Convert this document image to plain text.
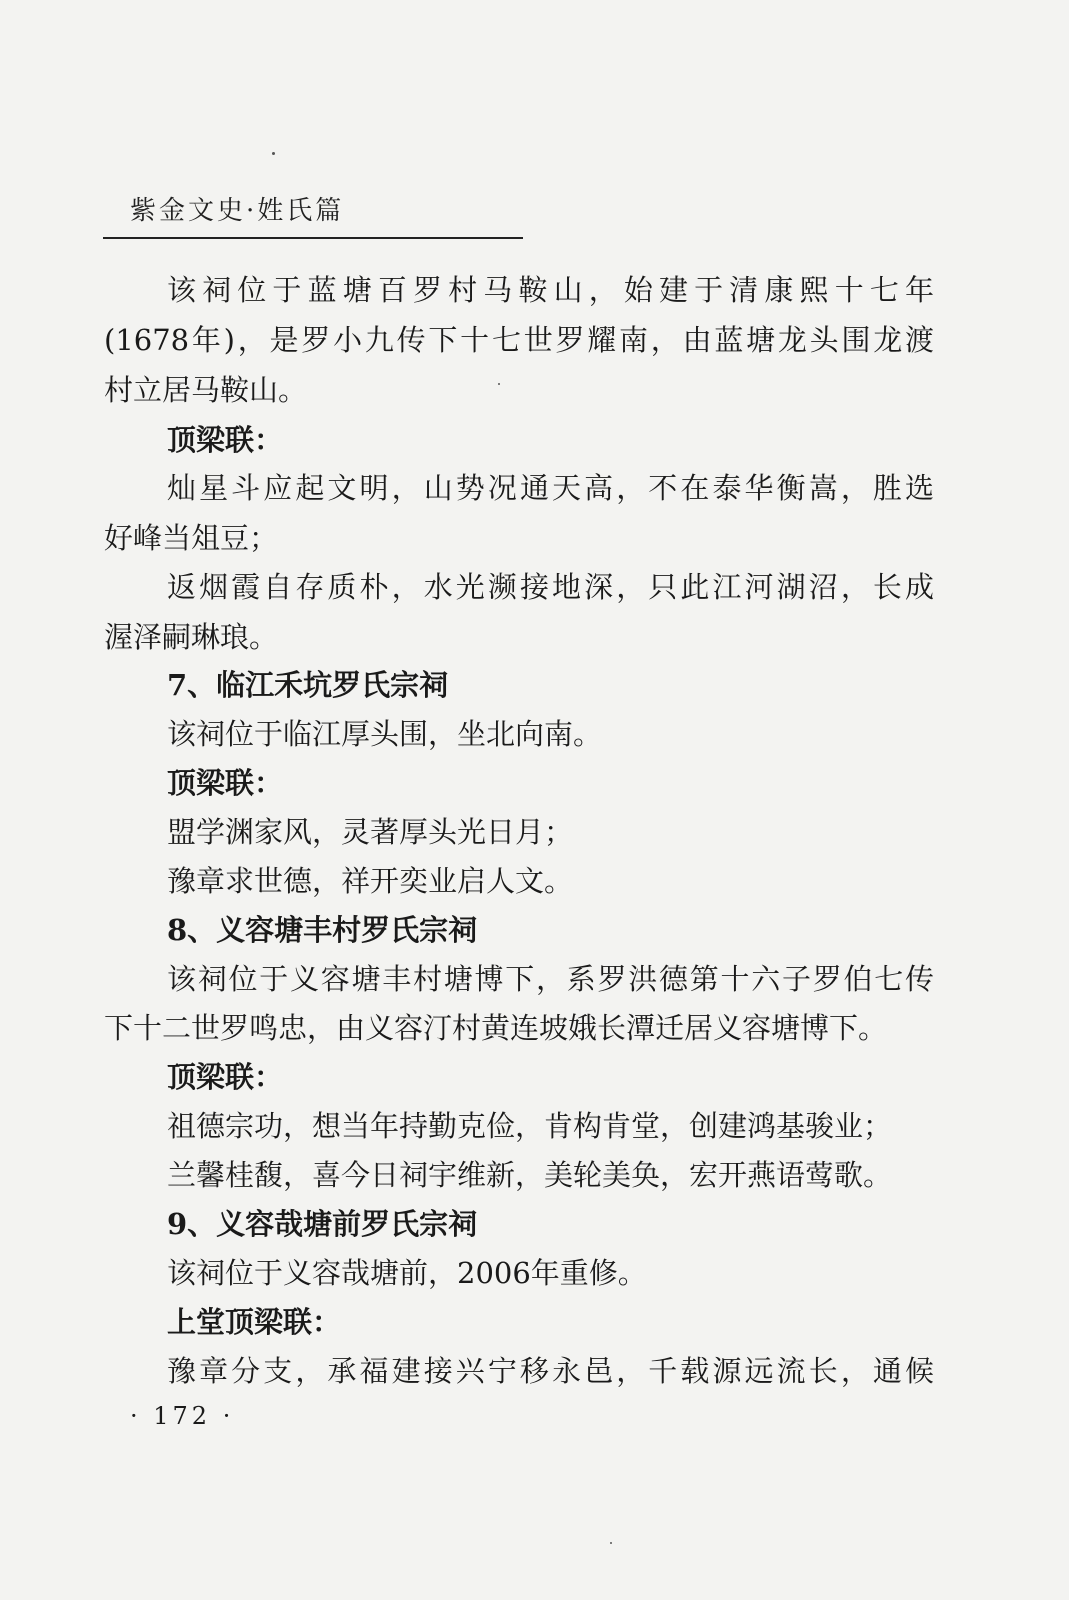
紫金文史·姓氏篇
该祠位于蓝塘百罗村马鞍山，始建于清康熙十七年
(1678年)，是罗小九传下十七世罗耀南，由蓝塘龙头围龙渡
村立居马鞍山。
顶梁联：
灿星斗应起文明，山势况通天高，不在泰华衡嵩，胜选
好峰当俎豆；
返烟霞自存质朴，水光濒接地深，只此江河湖沼，长成
渥泽嗣琳琅。
7、临江禾坑罗氏宗祠
该祠位于临江厚头围，坐北向南。
顶梁联：
盟学渊家风，灵著厚头光日月；
豫章求世德，祥开奕业启人文。
8、义容塘丰村罗氏宗祠
该祠位于义容塘丰村塘博下，系罗洪德第十六子罗伯七传
下十二世罗鸣忠，由义容汀村黄连坡娥长潭迁居义容塘博下。
顶梁联：
祖德宗功，想当年持勤克俭，肯构肯堂，创建鸿基骏业；
兰馨桂馥，喜今日祠宇维新，美轮美奂，宏开燕语莺歌。
9、义容哉塘前罗氏宗祠
该祠位于义容哉塘前，2006年重修。
上堂顶梁联：
豫章分支，承福建接兴宁移永邑，千载源远流长，通候
· 172 ·
